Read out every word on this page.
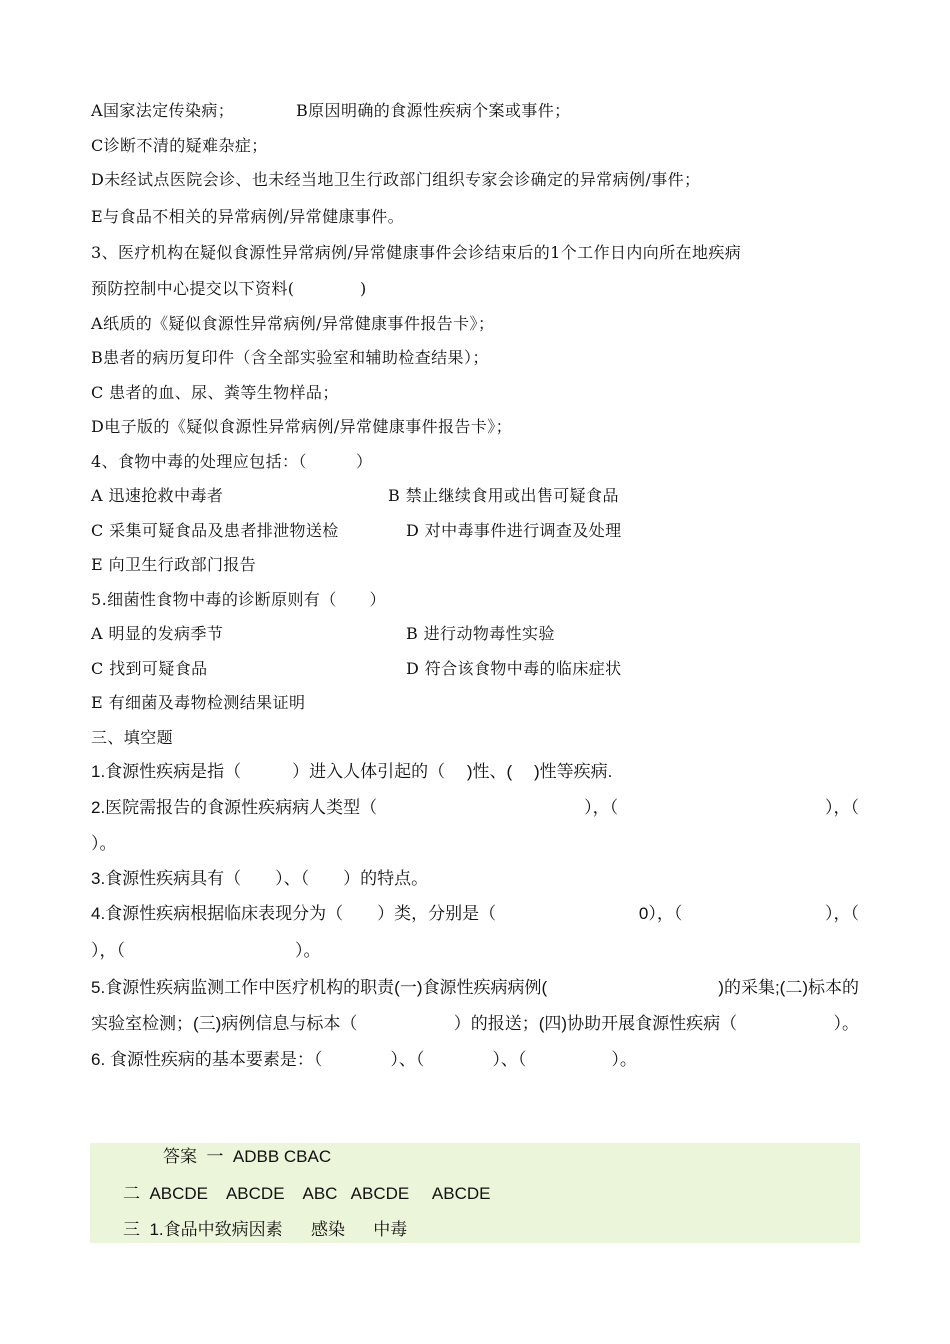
A国家法定传染病；	B原因明确的食源性疾病个案或事件；
C诊断不清的疑难杂症；
D未经试点医院会诊、也未经当地卫生行政部门组织专家会诊确定的异常病例/事件；
E与食品不相关的异常病例/异常健康事件。
3、医疗机构在疑似食源性异常病例/异常健康事件会诊结束后的1个工作日内向所在地疾病
预防控制中心提交以下资料(　　　　)
A纸质的《疑似食源性异常病例/异常健康事件报告卡》；
B患者的病历复印件（含全部实验室和辅助检查结果）；
C 患者的血、尿、粪等生物样品；
D电子版的《疑似食源性异常病例/异常健康事件报告卡》；
4、食物中毒的处理应包括：（　　　）
A 迅速抢救中毒者	B 禁止继续食用或出售可疑食品
C 采集可疑食品及患者排泄物送检	D 对中毒事件进行调查及处理
E 向卫生行政部门报告
5.细菌性食物中毒的诊断原则有（　　）
A 明显的发病季节	B 进行动物毒性实验
C 找到可疑食品	D 符合该食物中毒的临床症状
E 有细菌及毒物检测结果证明
三、填空题
1.食源性疾病是指（　　　）进入人体引起的（　 )性、(　 )性等疾病.
2.医院需报告的食源性疾病病人类型（	），（	），（
）。
3.食源性疾病具有（　　）、（　　）的特点。
4.食源性疾病根据临床表现分为（　　）类，分别是（	0），（	），（
），（　　　　　　　　　　）。
5.食源性疾病监测工作中医疗机构的职责(一)食源性疾病病例(	)的采集;(二)标本的
实验室检测；(三)病例信息与标本（	）的报送；(四)协助开展食源性疾病（	）。
6. 食源性疾病的基本要素是：（　　　　）、（　　　　）、（　　　　　）。
答案  一  ADBB CBAC
二  ABCDE    ABCDE    ABC   ABCDE     ABCDE
三  1.食品中致病因素      感染      中毒
